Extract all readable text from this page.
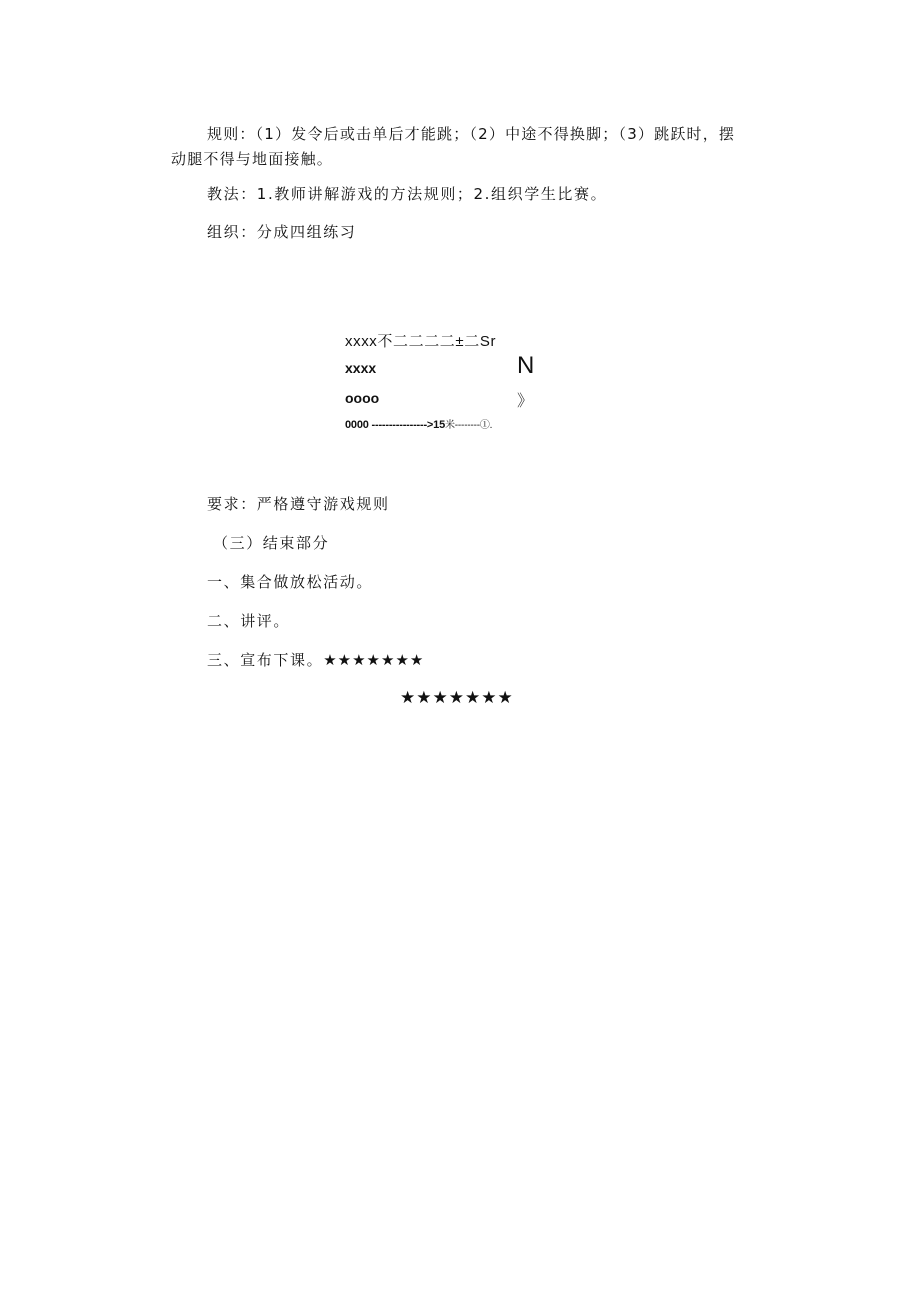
规则：（1）发令后或击单后才能跳；（2）中途不得换脚；（3）跳跃时，摆动腿不得与地面接触。

教法：1.教师讲解游戏的方法规则；2.组织学生比赛。

组织：分成四组练习

xxxx不二二二二±二Sr
xxxx	N
oooo	》
0000 ---------------->15米--------①.

要求：严格遵守游戏规则

（三）结束部分

一、集合做放松活动。

二、讲评。

三、宣布下课。★★★★★★★

★★★★★★★
